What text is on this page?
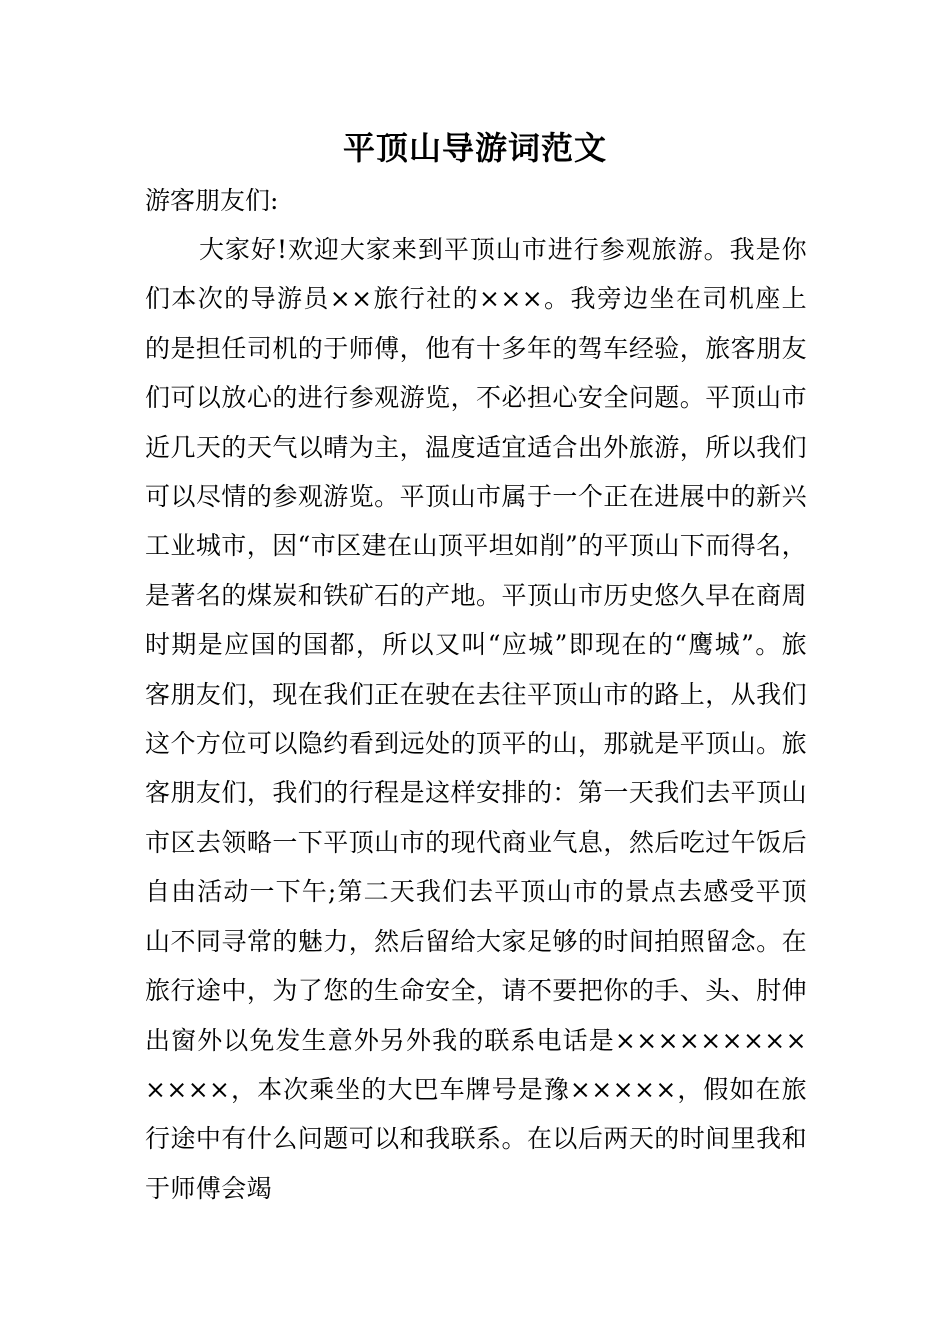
平顶山导游词范文

游客朋友们:

大家好!欢迎大家来到平顶山市进行参观旅游。我是你们本次的导游员××旅行社的×××。我旁边坐在司机座上的是担任司机的于师傅，他有十多年的驾车经验，旅客朋友们可以放心的进行参观游览，不必担心安全问题。平顶山市近几天的天气以晴为主，温度适宜适合出外旅游，所以我们可以尽情的参观游览。平顶山市属于一个正在进展中的新兴工业城市，因“市区建在山顶平坦如削”的平顶山下而得名，是著名的煤炭和铁矿石的产地。平顶山市历史悠久早在商周时期是应国的国都，所以又叫“应城”即现在的“鹰城”。旅客朋友们，现在我们正在驶在去往平顶山市的路上，从我们这个方位可以隐约看到远处的顶平的山，那就是平顶山。旅客朋友们，我们的行程是这样安排的：第一天我们去平顶山市区去领略一下平顶山市的现代商业气息，然后吃过午饭后自由活动一下午;第二天我们去平顶山市的景点去感受平顶山不同寻常的魅力，然后留给大家足够的时间拍照留念。在旅行途中，为了您的生命安全，请不要把你的手、头、肘伸出窗外以免发生意外另外我的联系电话是×××××××××××××，本次乘坐的大巴车牌号是豫×××××，假如在旅行途中有什么问题可以和我联系。在以后两天的时间里我和于师傅会竭
